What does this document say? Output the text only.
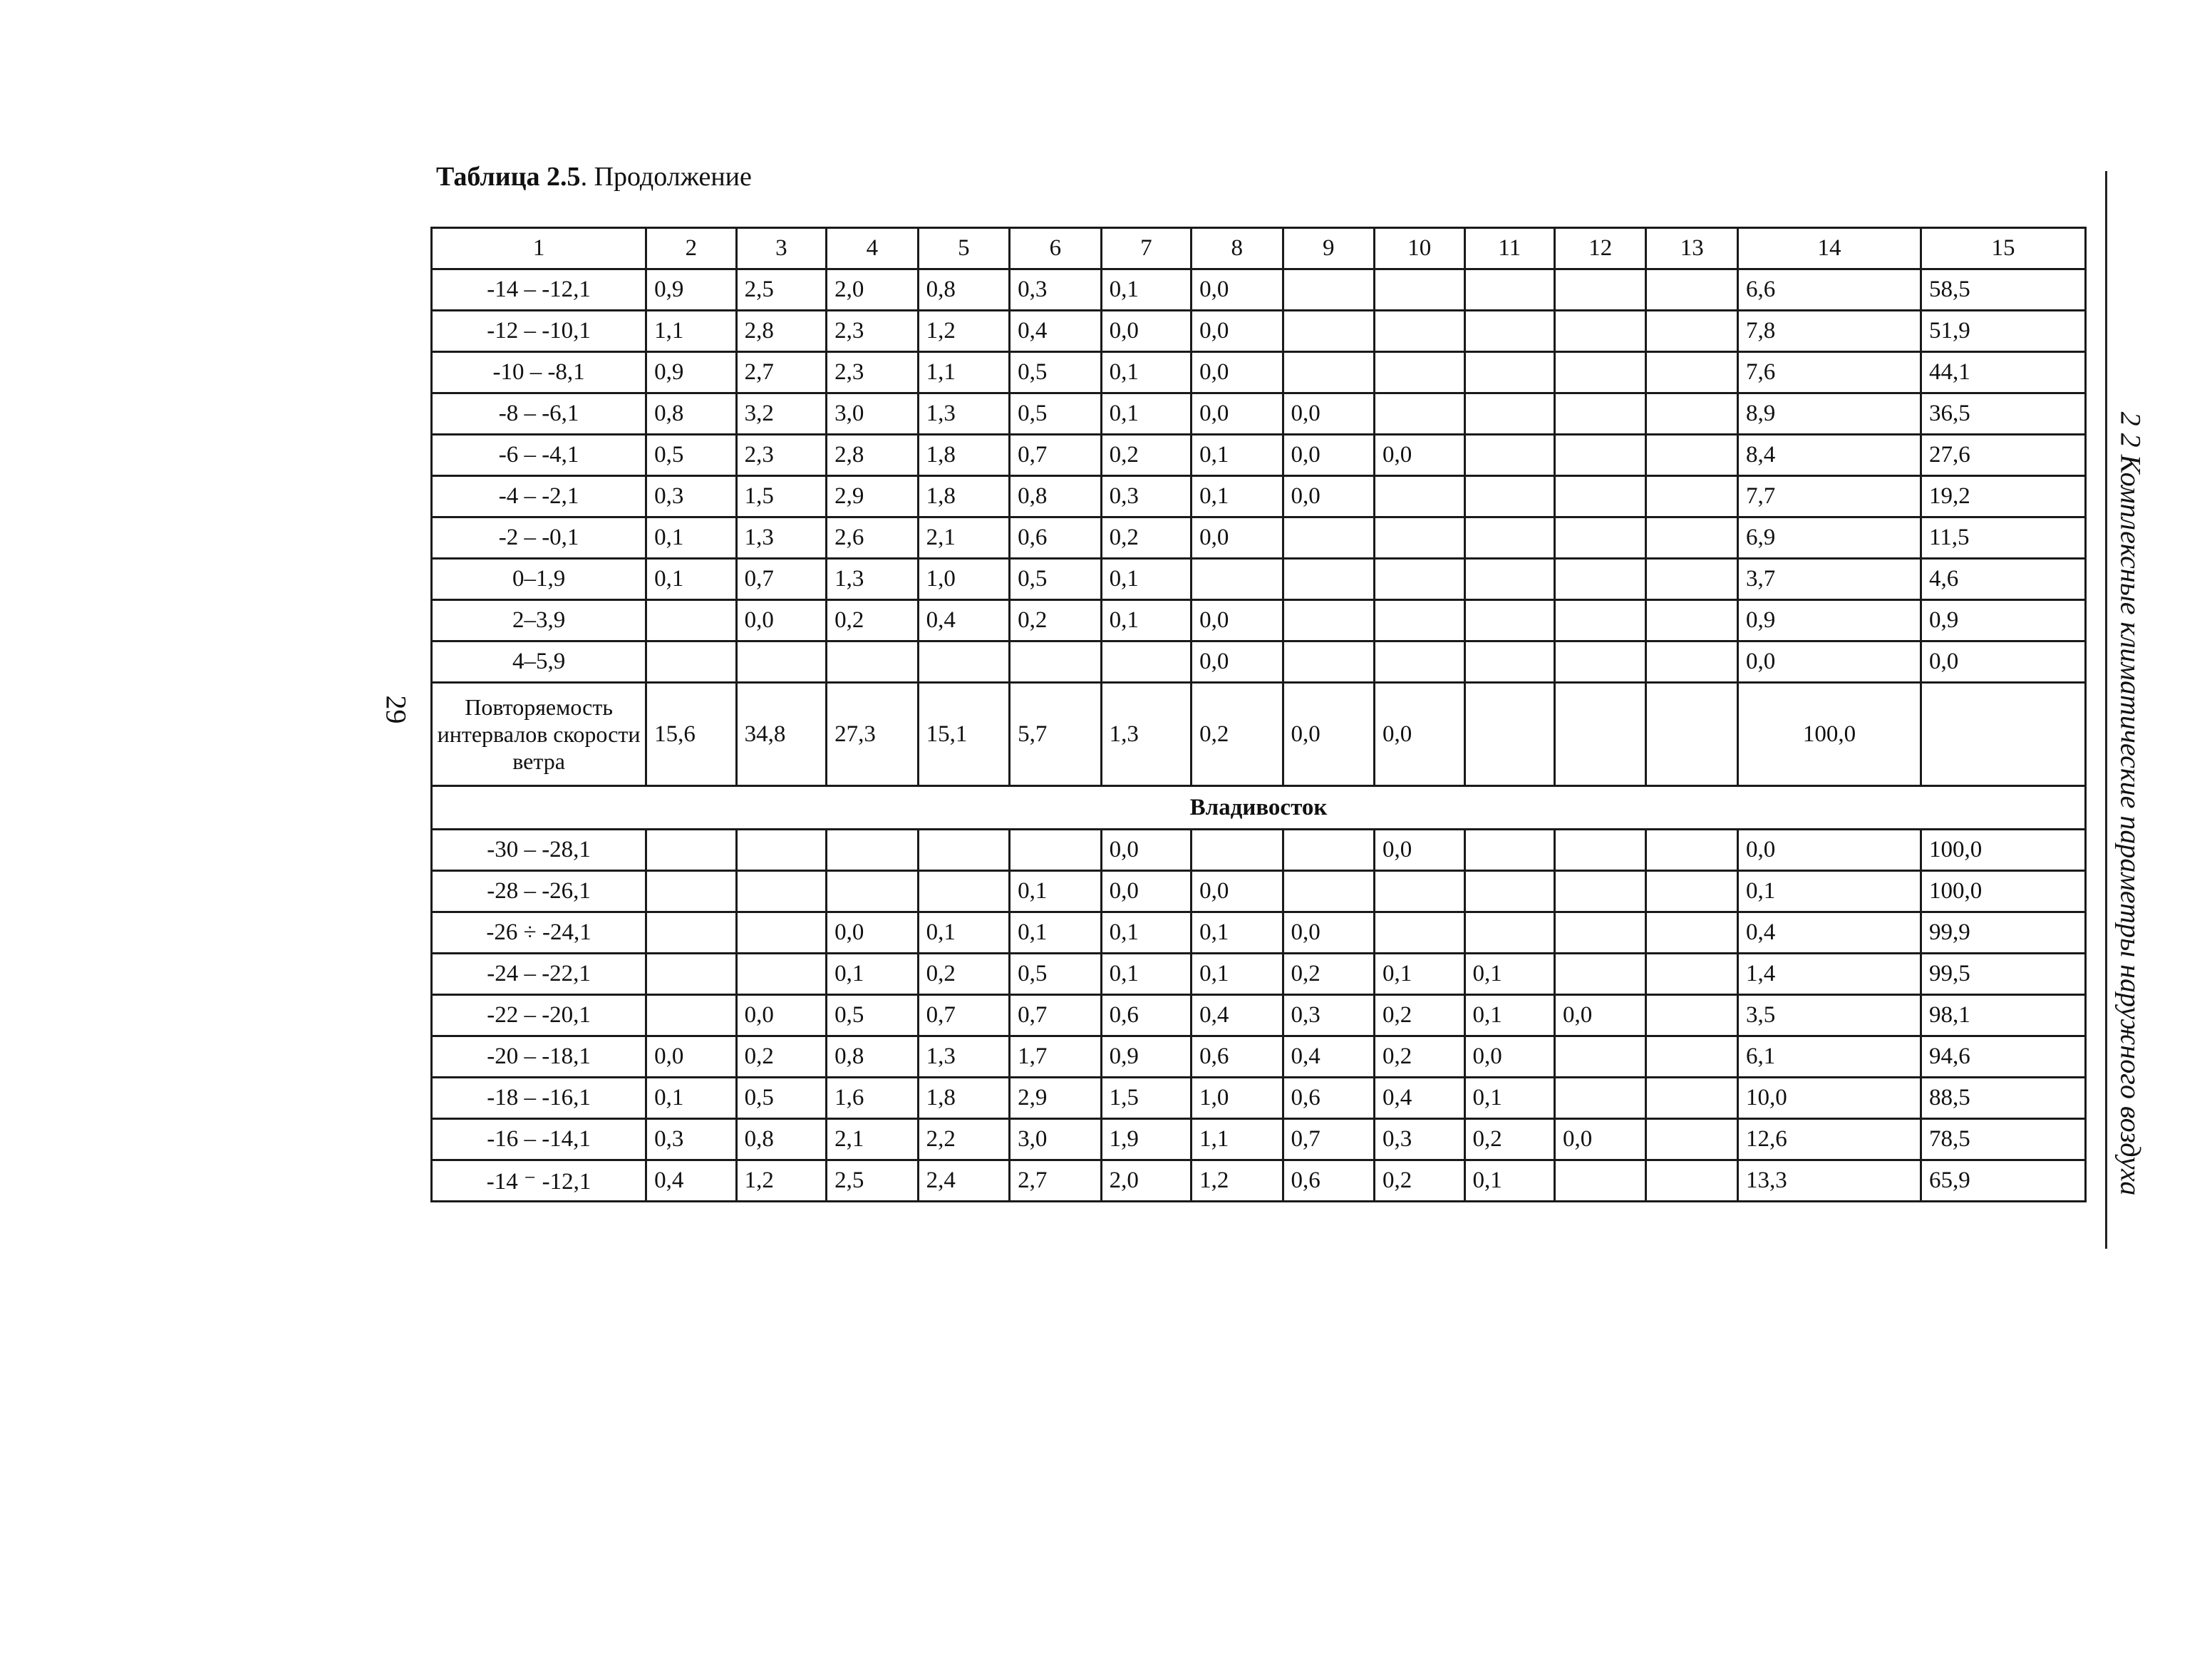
Таблица 2.5. Продолжение
29	2 2 Комплексные климатические параметры наружного воздуха
1	2	3	4	5	6	7	8	9	10	11	12	13	14	15
-14 – -12,1	0,9	2,5	2,0	0,8	0,3	0,1	0,0						6,6	58,5
-12 – -10,1	1,1	2,8	2,3	1,2	0,4	0,0	0,0						7,8	51,9
-10 – -8,1	0,9	2,7	2,3	1,1	0,5	0,1	0,0						7,6	44,1
-8 – -6,1	0,8	3,2	3,0	1,3	0,5	0,1	0,0	0,0					8,9	36,5
-6 – -4,1	0,5	2,3	2,8	1,8	0,7	0,2	0,1	0,0	0,0				8,4	27,6
-4 – -2,1	0,3	1,5	2,9	1,8	0,8	0,3	0,1	0,0					7,7	19,2
-2 – -0,1	0,1	1,3	2,6	2,1	0,6	0,2	0,0						6,9	11,5
0–1,9	0,1	0,7	1,3	1,0	0,5	0,1							3,7	4,6
2–3,9		0,0	0,2	0,4	0,2	0,1	0,0						0,9	0,9
4–5,9							0,0						0,0	0,0
Повторяемость интервалов скорости ветра	15,6	34,8	27,3	15,1	5,7	1,3	0,2	0,0	0,0				100,0	
Владивосток														
-30 – -28,1						0,0			0,0				0,0	100,0
-28 – -26,1					0,1	0,0	0,0						0,1	100,0
-26 ÷ -24,1			0,0	0,1	0,1	0,1	0,1	0,0					0,4	99,9
-24 – -22,1			0,1	0,2	0,5	0,1	0,1	0,2	0,1	0,1			1,4	99,5
-22 – -20,1		0,0	0,5	0,7	0,7	0,6	0,4	0,3	0,2	0,1	0,0		3,5	98,1
-20 – -18,1	0,0	0,2	0,8	1,3	1,7	0,9	0,6	0,4	0,2	0,0			6,1	94,6
-18 – -16,1	0,1	0,5	1,6	1,8	2,9	1,5	1,0	0,6	0,4	0,1			10,0	88,5
-16 – -14,1	0,3	0,8	2,1	2,2	3,0	1,9	1,1	0,7	0,3	0,2	0,0		12,6	78,5
-14 ⁻ -12,1	0,4	1,2	2,5	2,4	2,7	2,0	1,2	0,6	0,2	0,1			13,3	65,9
